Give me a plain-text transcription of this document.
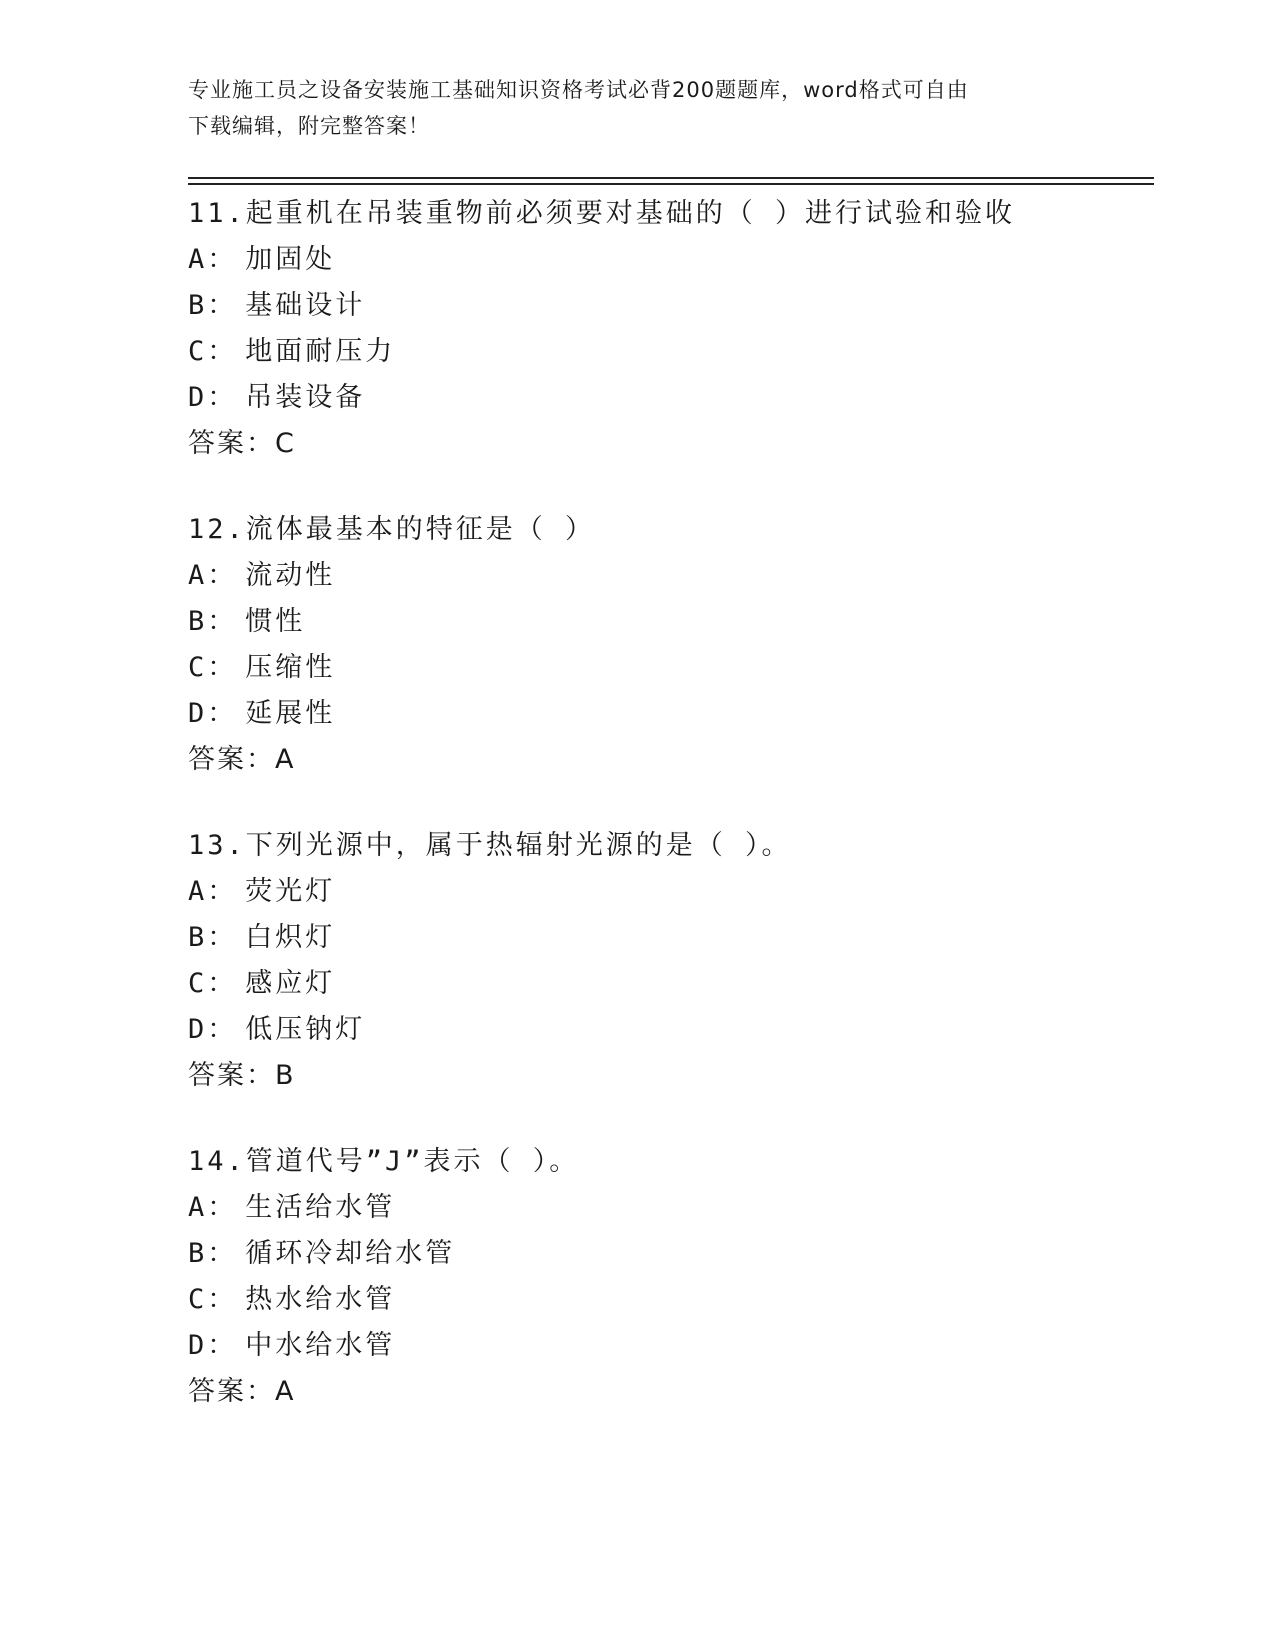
专业施工员之设备安装施工基础知识资格考试必背200题题库，word格式可自由
下载编辑，附完整答案！
11.起重机在吊装重物前必须要对基础的（ ）进行试验和验收
A： 加固处
B： 基础设计
C： 地面耐压力
D： 吊装设备
答案：C
12.流体最基本的特征是（ ）
A： 流动性
B： 惯性
C： 压缩性
D： 延展性
答案：A
13.下列光源中，属于热辐射光源的是（ ）。
A： 荧光灯
B： 白炽灯
C： 感应灯
D： 低压钠灯
答案：B
14.管道代号”J”表示（ ）。
A： 生活给水管
B： 循环冷却给水管
C： 热水给水管
D： 中水给水管
答案：A
